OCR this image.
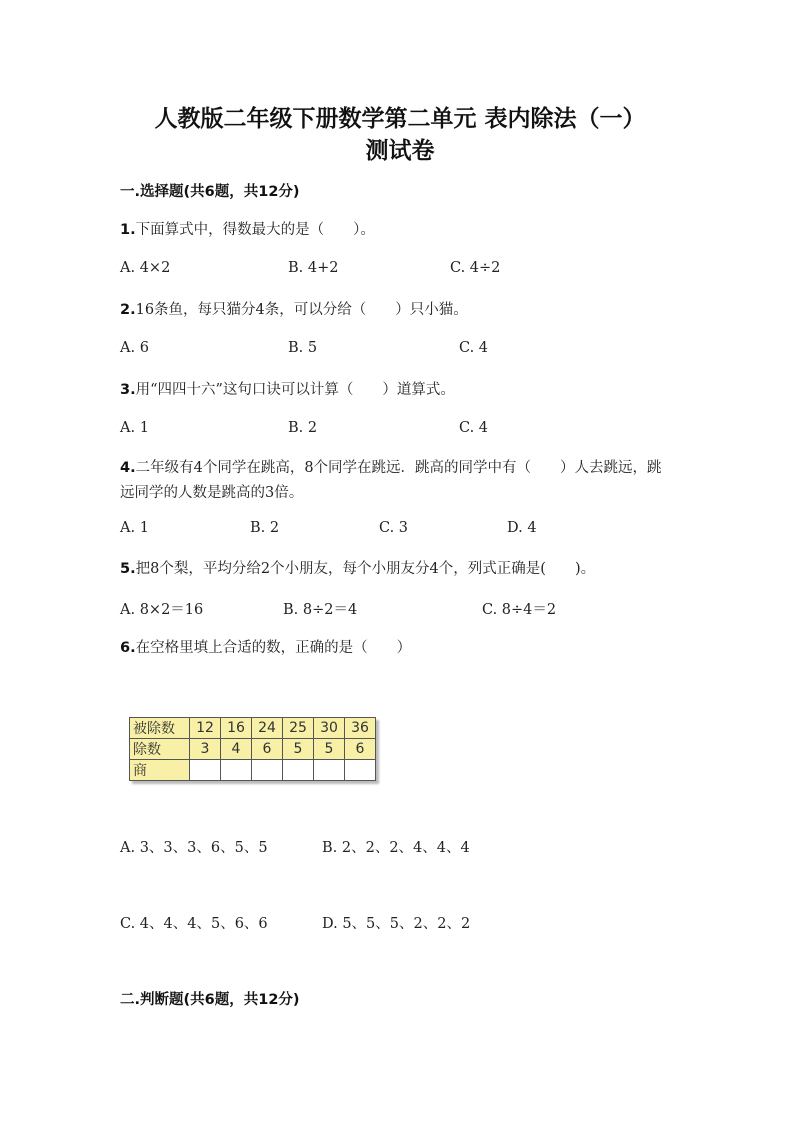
人教版二年级下册数学第二单元 表内除法（一）
测试卷
一.选择题(共6题，共12分)
1.下面算式中，得数最大的是（　　）。
A. 4×2	B. 4+2	C. 4÷2
2.16条鱼，每只猫分4条，可以分给（　　）只小猫。
A. 6	B. 5	C. 4
3.用“四四十六”这句口诀可以计算（　　）道算式。
A. 1	B. 2	C. 4
4.二年级有4个同学在跳高，8个同学在跳远．跳高的同学中有（　　）人去跳远，跳远同学的人数是跳高的3倍。
A. 1	B. 2	C. 3	D. 4
5.把8个梨，平均分给2个小朋友，每个小朋友分4个，列式正确是(　　)。
A. 8×2＝16	B. 8÷2＝4	C. 8÷4＝2
6.在空格里填上合适的数，正确的是（　　）
被除数	12	16	24	25	30	36
除数	3	4	6	5	5	6
商						
A. 3、3、3、6、5、5	B. 2、2、2、4、4、4
C. 4、4、4、5、6、6	D. 5、5、5、2、2、2
二.判断题(共6题，共12分)
